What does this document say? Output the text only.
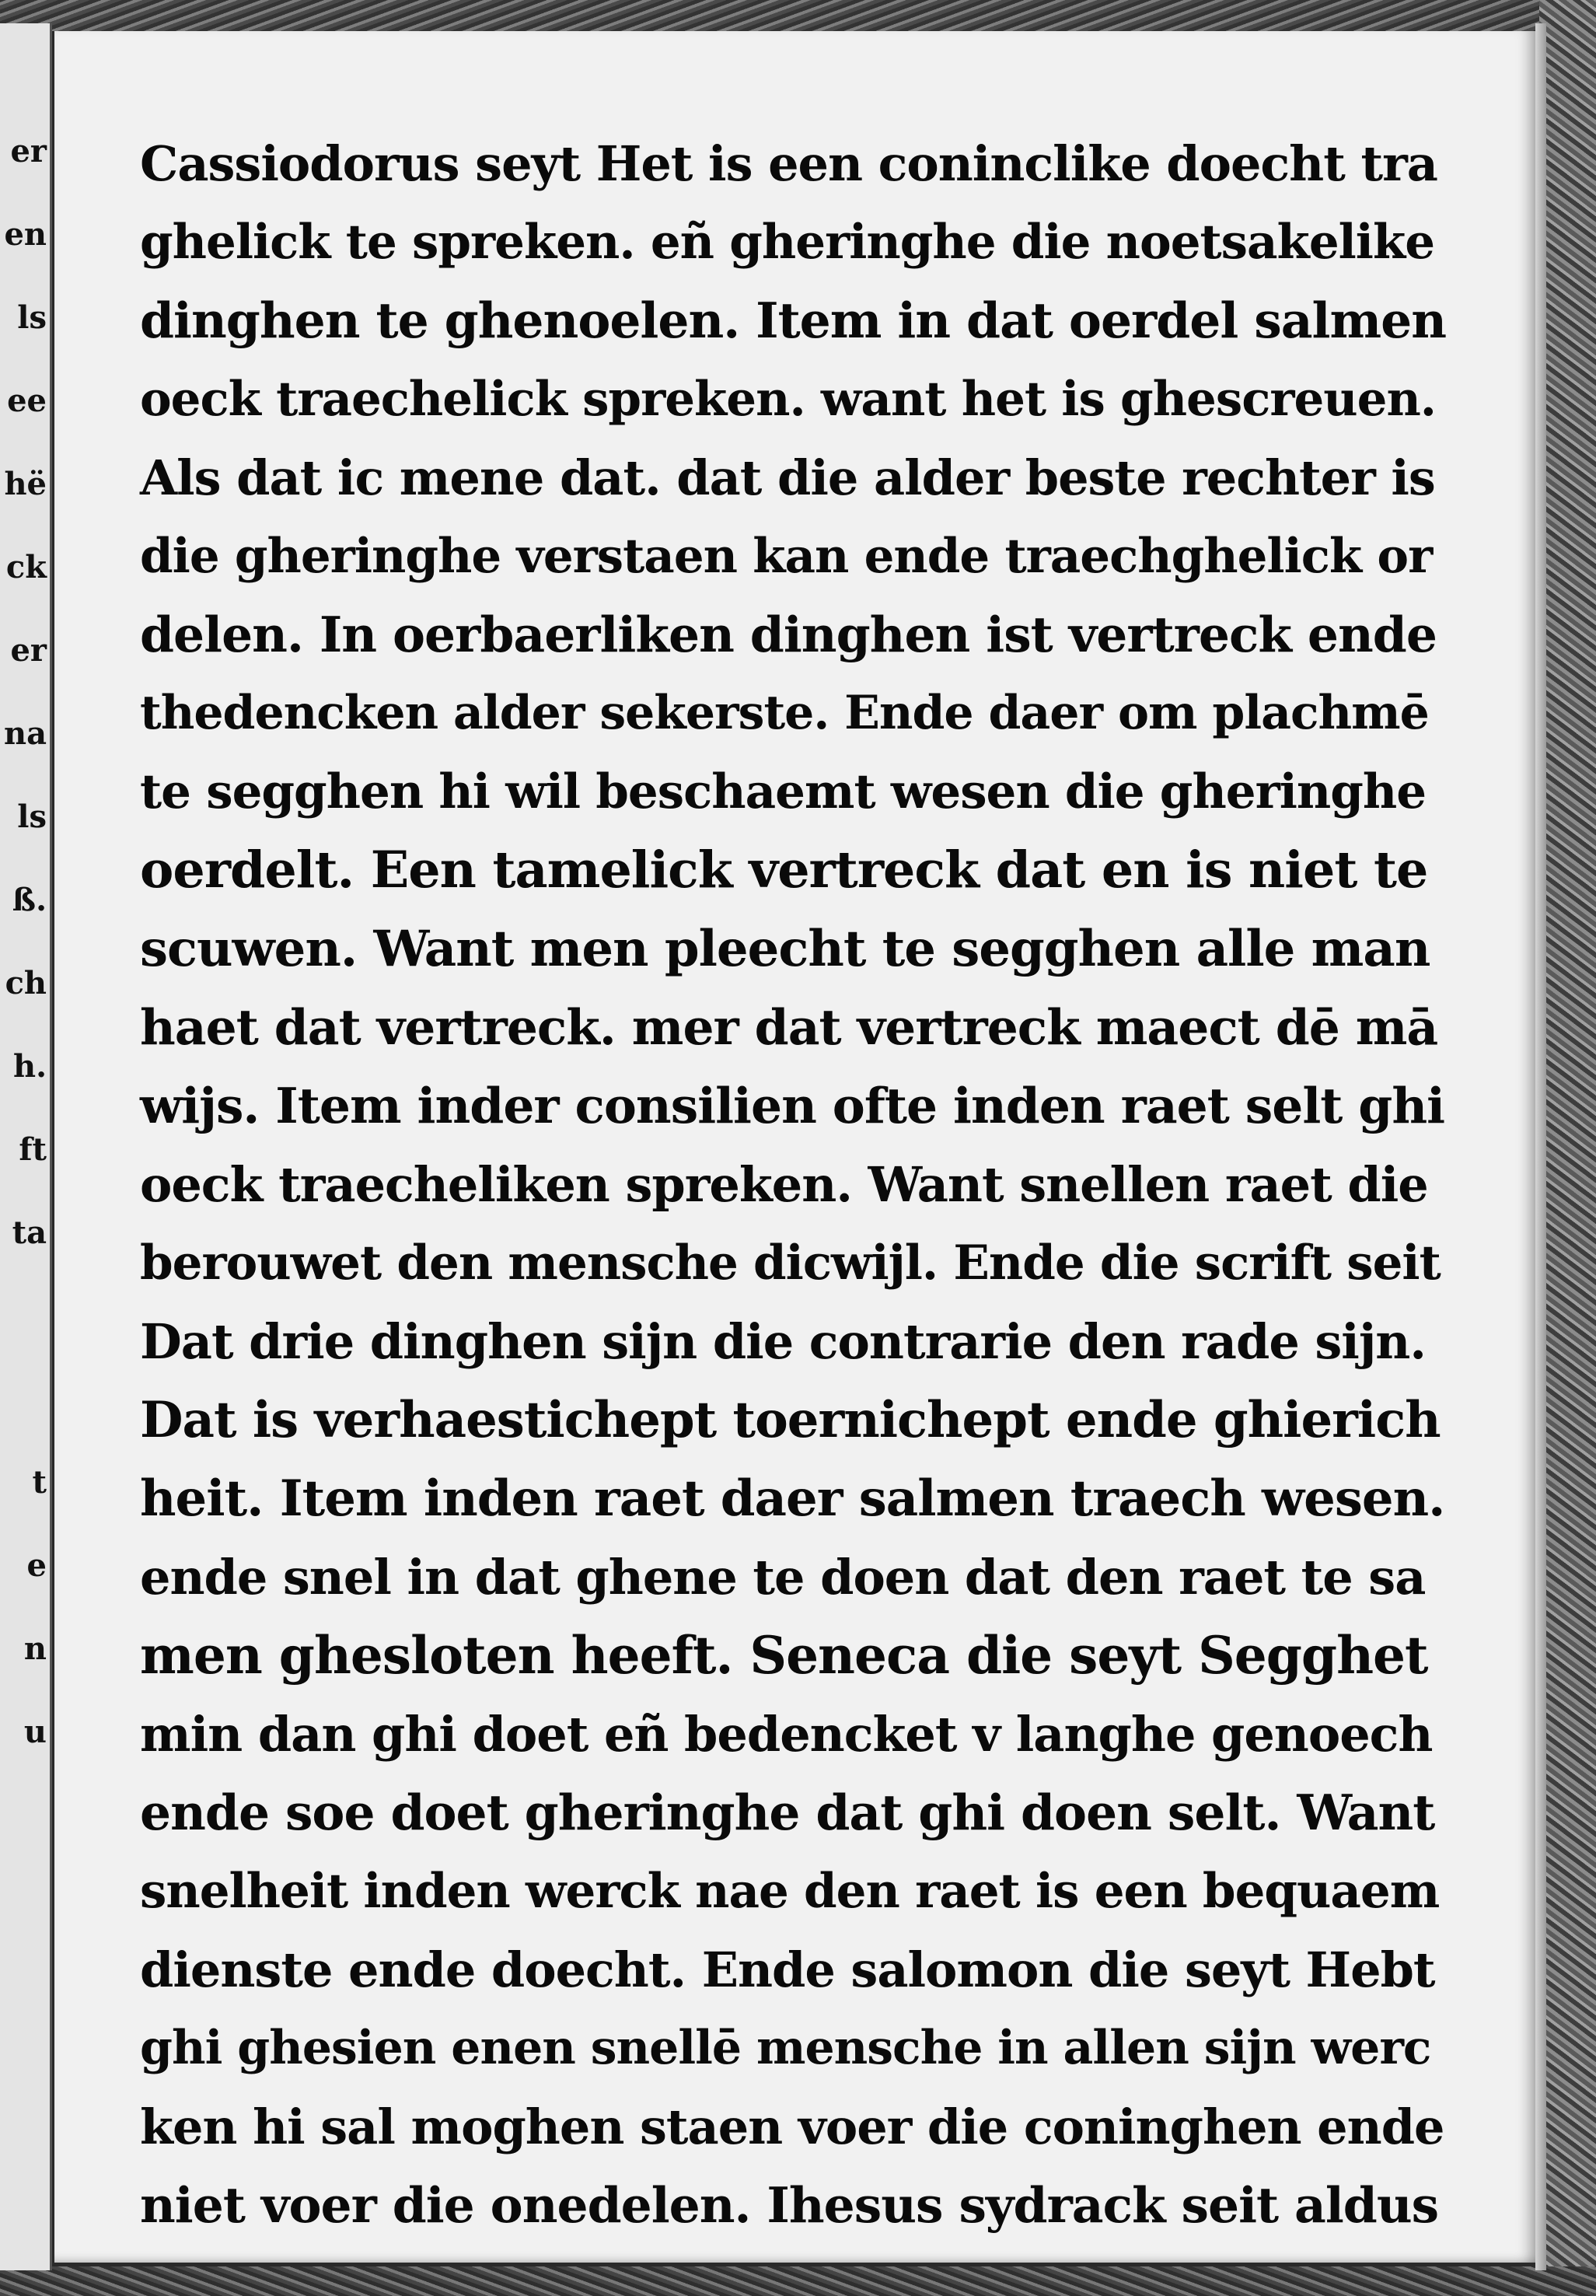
er
en
ls
ee
hë
ck
er
na
ls
ß.
ch
h.
ft
ta
t
e
n
u
Cassiodorus seyt Het is een coninclike doecht tra
ghelick te spreken. eñ gheringhe die noetsakelike
dinghen te ghenoelen. Item in dat oerdel salmen
oeck traechelick spreken. want het is ghescreuen.
Als dat ic mene dat. dat die alder beste rechter is
die gheringhe verstaen kan ende traechghelick or
delen. In oerbaerliken dinghen ist vertreck ende
thedencken alder sekerste. Ende daer om plachmē
te segghen hi wil beschaemt wesen die gheringhe
oerdelt. Een tamelick vertreck dat en is niet te
scuwen. Want men pleecht te segghen alle man
haet dat vertreck. mer dat vertreck maect dē mā
wijs. Item inder consilien ofte inden raet selt ghi
oeck traecheliken spreken. Want snellen raet die
berouwet den mensche dicwijl. Ende die scrift seit
Dat drie dinghen sijn die contrarie den rade sijn.
Dat is verhaestichept toernichept ende ghierich
heit. Item inden raet daer salmen traech wesen.
ende snel in dat ghene te doen dat den raet te sa
men ghesloten heeft. Seneca die seyt Segghet
min dan ghi doet eñ bedencket v langhe genoech
ende soe doet gheringhe dat ghi doen selt. Want
snelheit inden werck nae den raet is een bequaem
dienste ende doecht. Ende salomon die seyt Hebt
ghi ghesien enen snellē mensche in allen sijn werc
ken hi sal moghen staen voer die coninghen ende
niet voer die onedelen. Ihesus sydrack seit aldus
